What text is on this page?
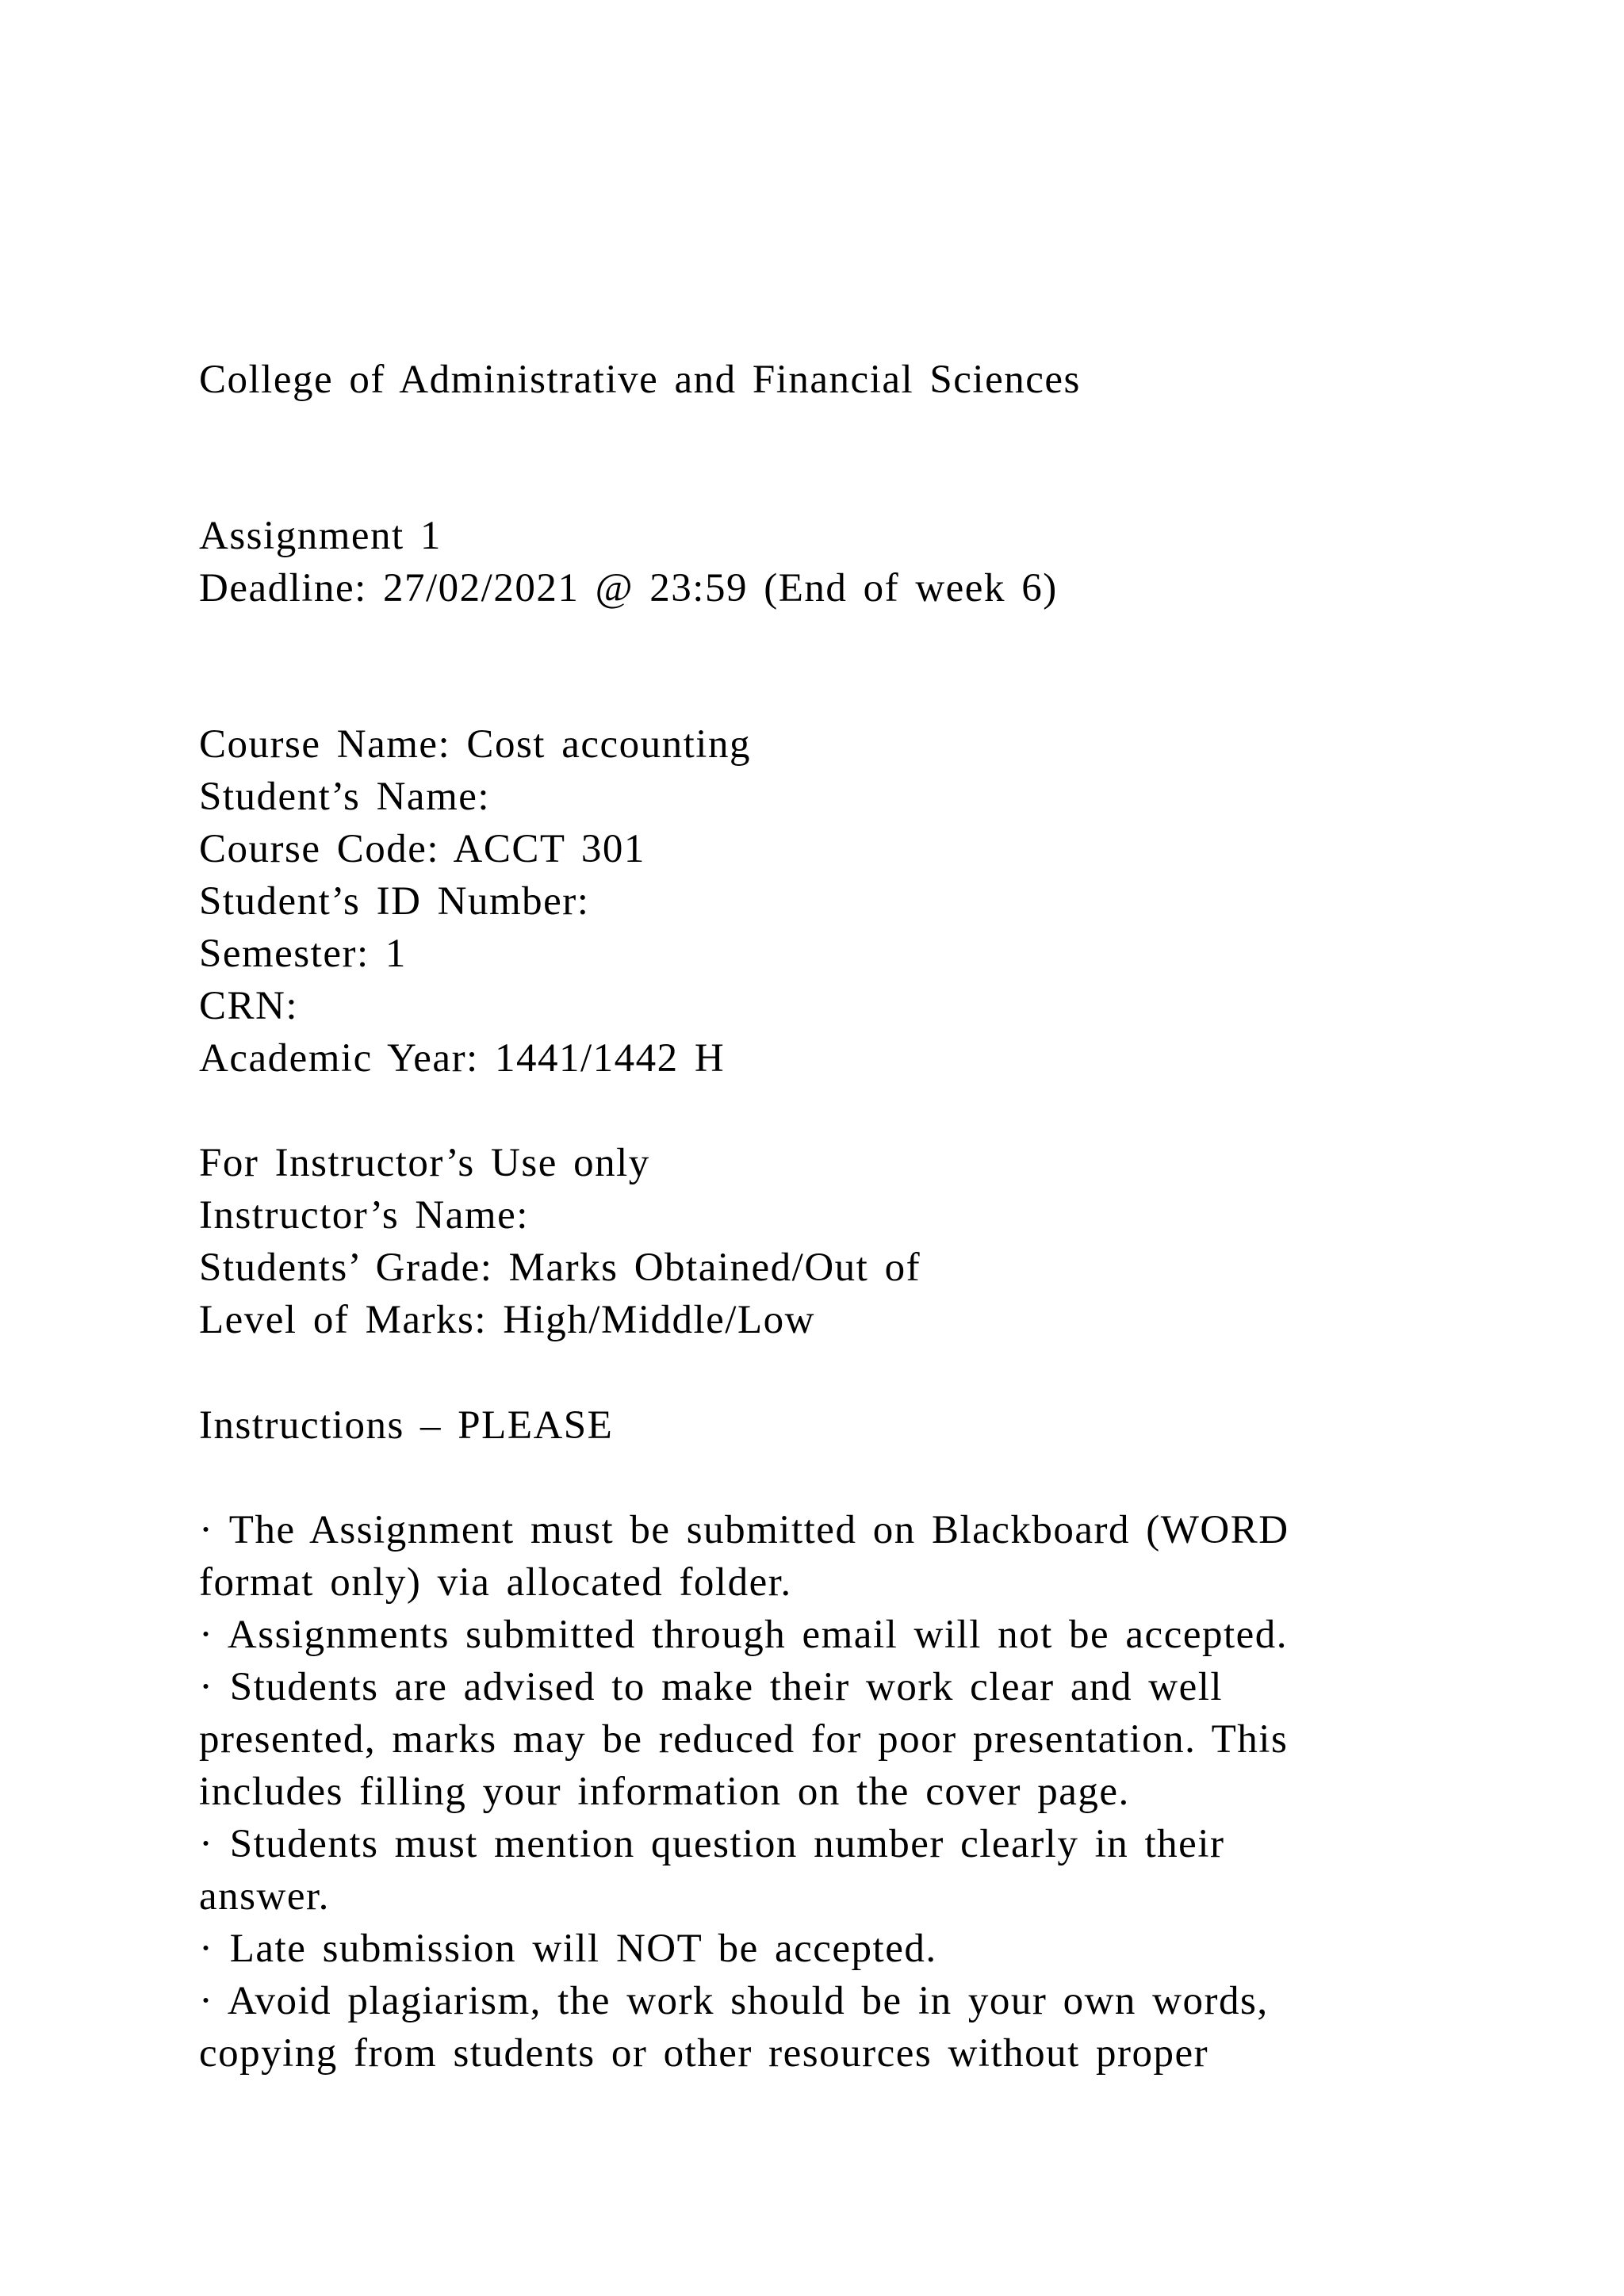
College of Administrative and Financial Sciences
Assignment 1
Deadline: 27/02/2021 @ 23:59 (End of week 6)
Course Name: Cost accounting
Student’s Name:
Course Code: ACCT 301
Student’s ID Number:
Semester: 1
CRN:
Academic Year: 1441/1442 H
For Instructor’s Use only
Instructor’s Name:
Students’ Grade: Marks Obtained/Out of
Level of Marks: High/Middle/Low
Instructions – PLEASE
· The Assignment must be submitted on Blackboard (WORD
format only) via allocated folder.
· Assignments submitted through email will not be accepted.
· Students are advised to make their work clear and well
presented, marks may be reduced for poor presentation. This
includes filling your information on the cover page.
· Students must mention question number clearly in their
answer.
· Late submission will NOT be accepted.
· Avoid plagiarism, the work should be in your own words,
copying from students or other resources without proper
